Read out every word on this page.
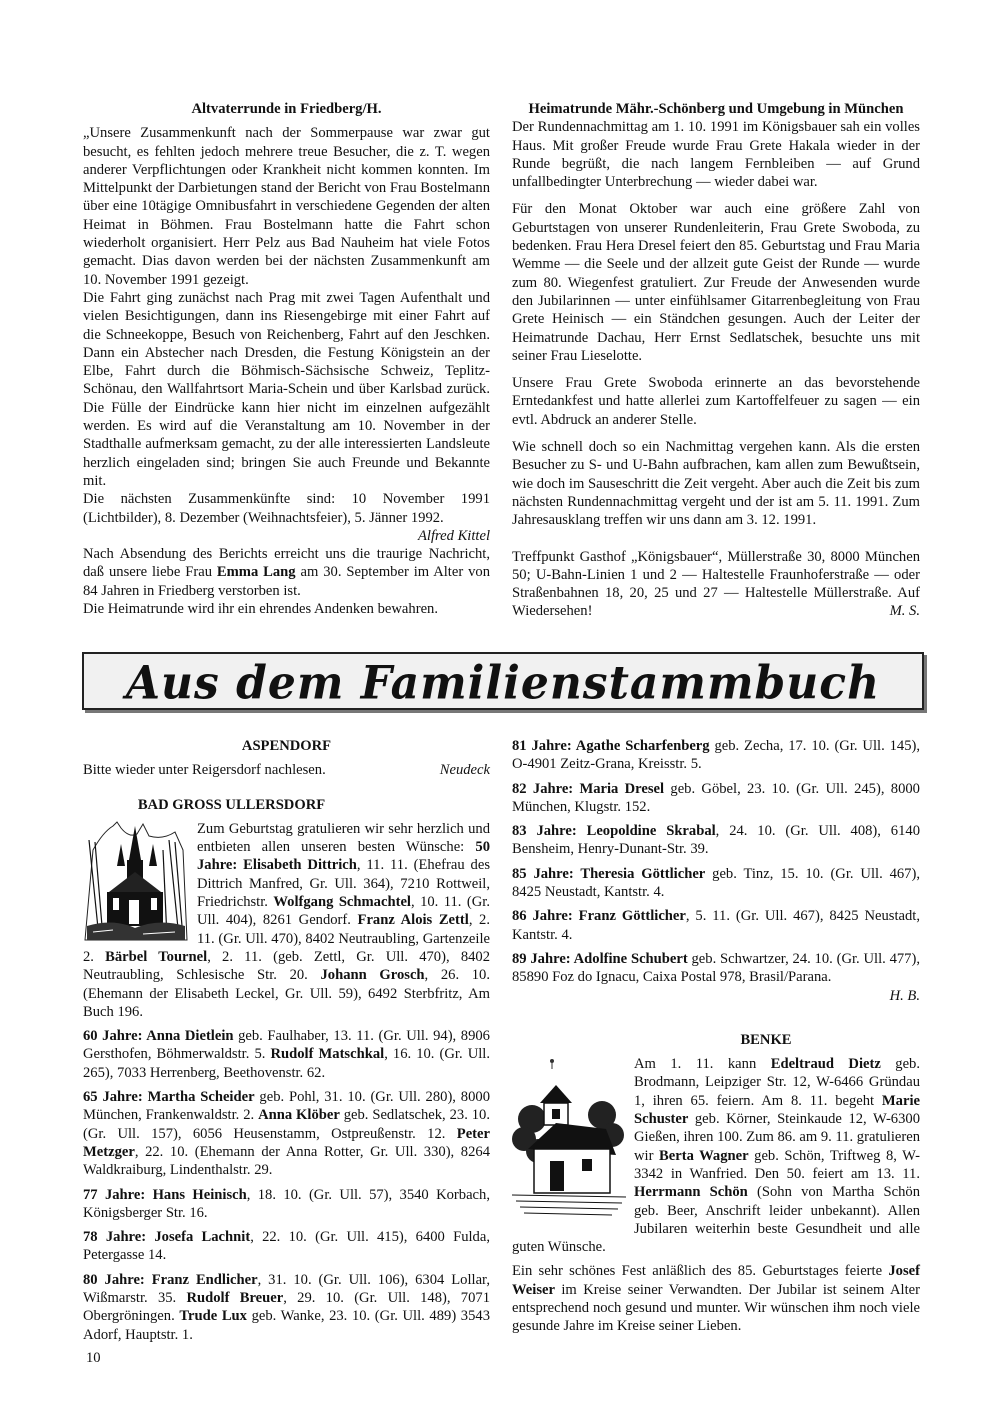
Altvaterrunde in Friedberg/H.

„Unsere Zusammenkunft nach der Sommerpause war zwar gut besucht, es fehlten jedoch mehrere treue Besucher, die z. T. wegen anderer Verpflichtungen oder Krankheit nicht kommen konnten. Im Mittelpunkt der Darbietungen stand der Bericht von Frau Bostelmann über eine 10tägige Omnibusfahrt in verschiedene Gegenden der alten Heimat in Böhmen. Frau Bostelmann hatte die Fahrt schon wiederholt organisiert. Herr Pelz aus Bad Nauheim hat viele Fotos gemacht. Dias davon werden bei der nächsten Zusammenkunft am 10. November 1991 gezeigt.

Die Fahrt ging zunächst nach Prag mit zwei Tagen Aufenthalt und vielen Besichtigungen, dann ins Riesengebirge mit einer Fahrt auf die Schneekoppe, Besuch von Reichenberg, Fahrt auf den Jeschken. Dann ein Abstecher nach Dresden, die Festung Königstein an der Elbe, Fahrt durch die Böhmisch-Sächsische Schweiz, Teplitz-Schönau, den Wallfahrtsort Maria-Schein und über Karlsbad zurück. Die Fülle der Eindrücke kann hier nicht im einzelnen aufgezählt werden. Es wird auf die Veranstaltung am 10. November in der Stadthalle aufmerksam gemacht, zu der alle interessierten Landsleute herzlich eingeladen sind; bringen Sie auch Freunde und Bekannte mit.

Die nächsten Zusammenkünfte sind: 10 November 1991 (Lichtbilder), 8. Dezember (Weihnachtsfeier), 5. Jänner 1992.

Alfred Kittel

Nach Absendung des Berichts erreicht uns die traurige Nachricht, daß unsere liebe Frau Emma Lang am 30. September im Alter von 84 Jahren in Friedberg verstorben ist.

Die Heimatrunde wird ihr ein ehrendes Andenken bewahren.

Heimatrunde Mähr.-Schönberg und Umgebung in München

Der Rundennachmittag am 1. 10. 1991 im Königsbauer sah ein volles Haus. Mit großer Freude wurde Frau Grete Hakala wieder in der Runde begrüßt, die nach langem Fernbleiben — auf Grund unfallbedingter Unterbrechung — wieder dabei war.

Für den Monat Oktober war auch eine größere Zahl von Geburtstagen von unserer Rundenleiterin, Frau Grete Swoboda, zu bedenken. Frau Hera Dresel feiert den 85. Geburtstag und Frau Maria Wemme — die Seele und der allzeit gute Geist der Runde — wurde zum 80. Wiegenfest gratuliert. Zur Freude der Anwesenden wurde den Jubilarinnen — unter einfühlsamer Gitarrenbegleitung von Frau Grete Heinisch — ein Ständchen gesungen. Auch der Leiter der Heimatrunde Dachau, Herr Ernst Sedlatschek, besuchte uns mit seiner Frau Lieselotte.

Unsere Frau Grete Swoboda erinnerte an das bevorstehende Erntedankfest und hatte allerlei zum Kartoffelfeuer zu sagen — ein evtl. Abdruck an anderer Stelle.

Wie schnell doch so ein Nachmittag vergehen kann. Als die ersten Besucher zu S- und U-Bahn aufbrachen, kam allen zum Bewußtsein, wie doch im Sauseschritt die Zeit vergeht. Aber auch die Zeit bis zum nächsten Rundennachmittag vergeht und der ist am 5. 11. 1991. Zum Jahresausklang treffen wir uns dann am 3. 12. 1991.

Treffpunkt Gasthof „Königsbauer“, Müllerstraße 30, 8000 München 50; U-Bahn-Linien 1 und 2 — Haltestelle Fraunhoferstraße — oder Straßenbahnen 18, 20, 25 und 27 — Haltestelle Müllerstraße. Auf Wiedersehen!	M. S.

Aus dem Familienstammbuch

ASPENDORF

Bitte wieder unter Reigersdorf nachlesen.	Neudeck

BAD GROSS ULLERSDORF

Zum Geburtstag gratulieren wir sehr herzlich und entbieten allen unseren besten Wünsche: 50 Jahre: Elisabeth Dittrich, 11. 11. (Ehefrau des Dittrich Manfred, Gr. Ull. 364), 7210 Rottweil, Friedrichstr. Wolfgang Schmachtel, 10. 11. (Gr. Ull. 404), 8261 Gendorf. Franz Alois Zettl, 2. 11. (Gr. Ull. 470), 8402 Neutraubling, Gartenzeile 2. Bärbel Tournel, 2. 11. (geb. Zettl, Gr. Ull. 470), 8402 Neutraubling, Schlesische Str. 20. Johann Grosch, 26. 10. (Ehemann der Elisabeth Leckel, Gr. Ull. 59), 6492 Sterbfritz, Am Buch 196.

60 Jahre: Anna Dietlein geb. Faulhaber, 13. 11. (Gr. Ull. 94), 8906 Gersthofen, Böhmerwaldstr. 5. Rudolf Matschkal, 16. 10. (Gr. Ull. 265), 7033 Herrenberg, Beethovenstr. 62.

65 Jahre: Martha Scheider geb. Pohl, 31. 10. (Gr. Ull. 280), 8000 München, Frankenwaldstr. 2. Anna Klöber geb. Sedlatschek, 23. 10. (Gr. Ull. 157), 6056 Heusenstamm, Ostpreußenstr. 12. Peter Metzger, 22. 10. (Ehemann der Anna Rotter, Gr. Ull. 330), 8264 Waldkraiburg, Lindenthalstr. 29.

77 Jahre: Hans Heinisch, 18. 10. (Gr. Ull. 57), 3540 Korbach, Königsberger Str. 16.

78 Jahre: Josefa Lachnit, 22. 10. (Gr. Ull. 415), 6400 Fulda, Petergasse 14.

80 Jahre: Franz Endlicher, 31. 10. (Gr. Ull. 106), 6304 Lollar, Wißmarstr. 35. Rudolf Breuer, 29. 10. (Gr. Ull. 148), 7071 Obergröningen. Trude Lux geb. Wanke, 23. 10. (Gr. Ull. 489) 3543 Adorf, Hauptstr. 1.

81 Jahre: Agathe Scharfenberg geb. Zecha, 17. 10. (Gr. Ull. 145), O-4901 Zeitz-Grana, Kreisstr. 5.

82 Jahre: Maria Dresel geb. Göbel, 23. 10. (Gr. Ull. 245), 8000 München, Klugstr. 152.

83 Jahre: Leopoldine Skrabal, 24. 10. (Gr. Ull. 408), 6140 Bensheim, Henry-Dunant-Str. 39.

85 Jahre: Theresia Göttlicher geb. Tinz, 15. 10. (Gr. Ull. 467), 8425 Neustadt, Kantstr. 4.

86 Jahre: Franz Göttlicher, 5. 11. (Gr. Ull. 467), 8425 Neustadt, Kantstr. 4.

89 Jahre: Adolfine Schubert geb. Schwartzer, 24. 10. (Gr. Ull. 477), 85890 Foz do Ignacu, Caixa Postal 978, Brasil/Parana.

H. B.

BENKE

Am 1. 11. kann Edeltraud Dietz geb. Brodmann, Leipziger Str. 12, W-6466 Gründau 1, ihren 65. feiern. Am 8. 11. begeht Marie Schuster geb. Körner, Steinkaude 12, W-6300 Gießen, ihren 100. Zum 86. am 9. 11. gratulieren wir Berta Wagner geb. Schön, Triftweg 8, W-3342 in Wanfried. Den 50. feiert am 13. 11. Herrmann Schön (Sohn von Martha Schön geb. Beer, Anschrift leider unbekannt). Allen Jubilaren weiterhin beste Gesundheit und alle guten Wünsche.

Ein sehr schönes Fest anläßlich des 85. Geburtstages feierte Josef Weiser im Kreise seiner Verwandten. Der Jubilar ist seinem Alter entsprechend noch gesund und munter. Wir wünschen ihm noch viele gesunde Jahre im Kreise seiner Lieben.

10
